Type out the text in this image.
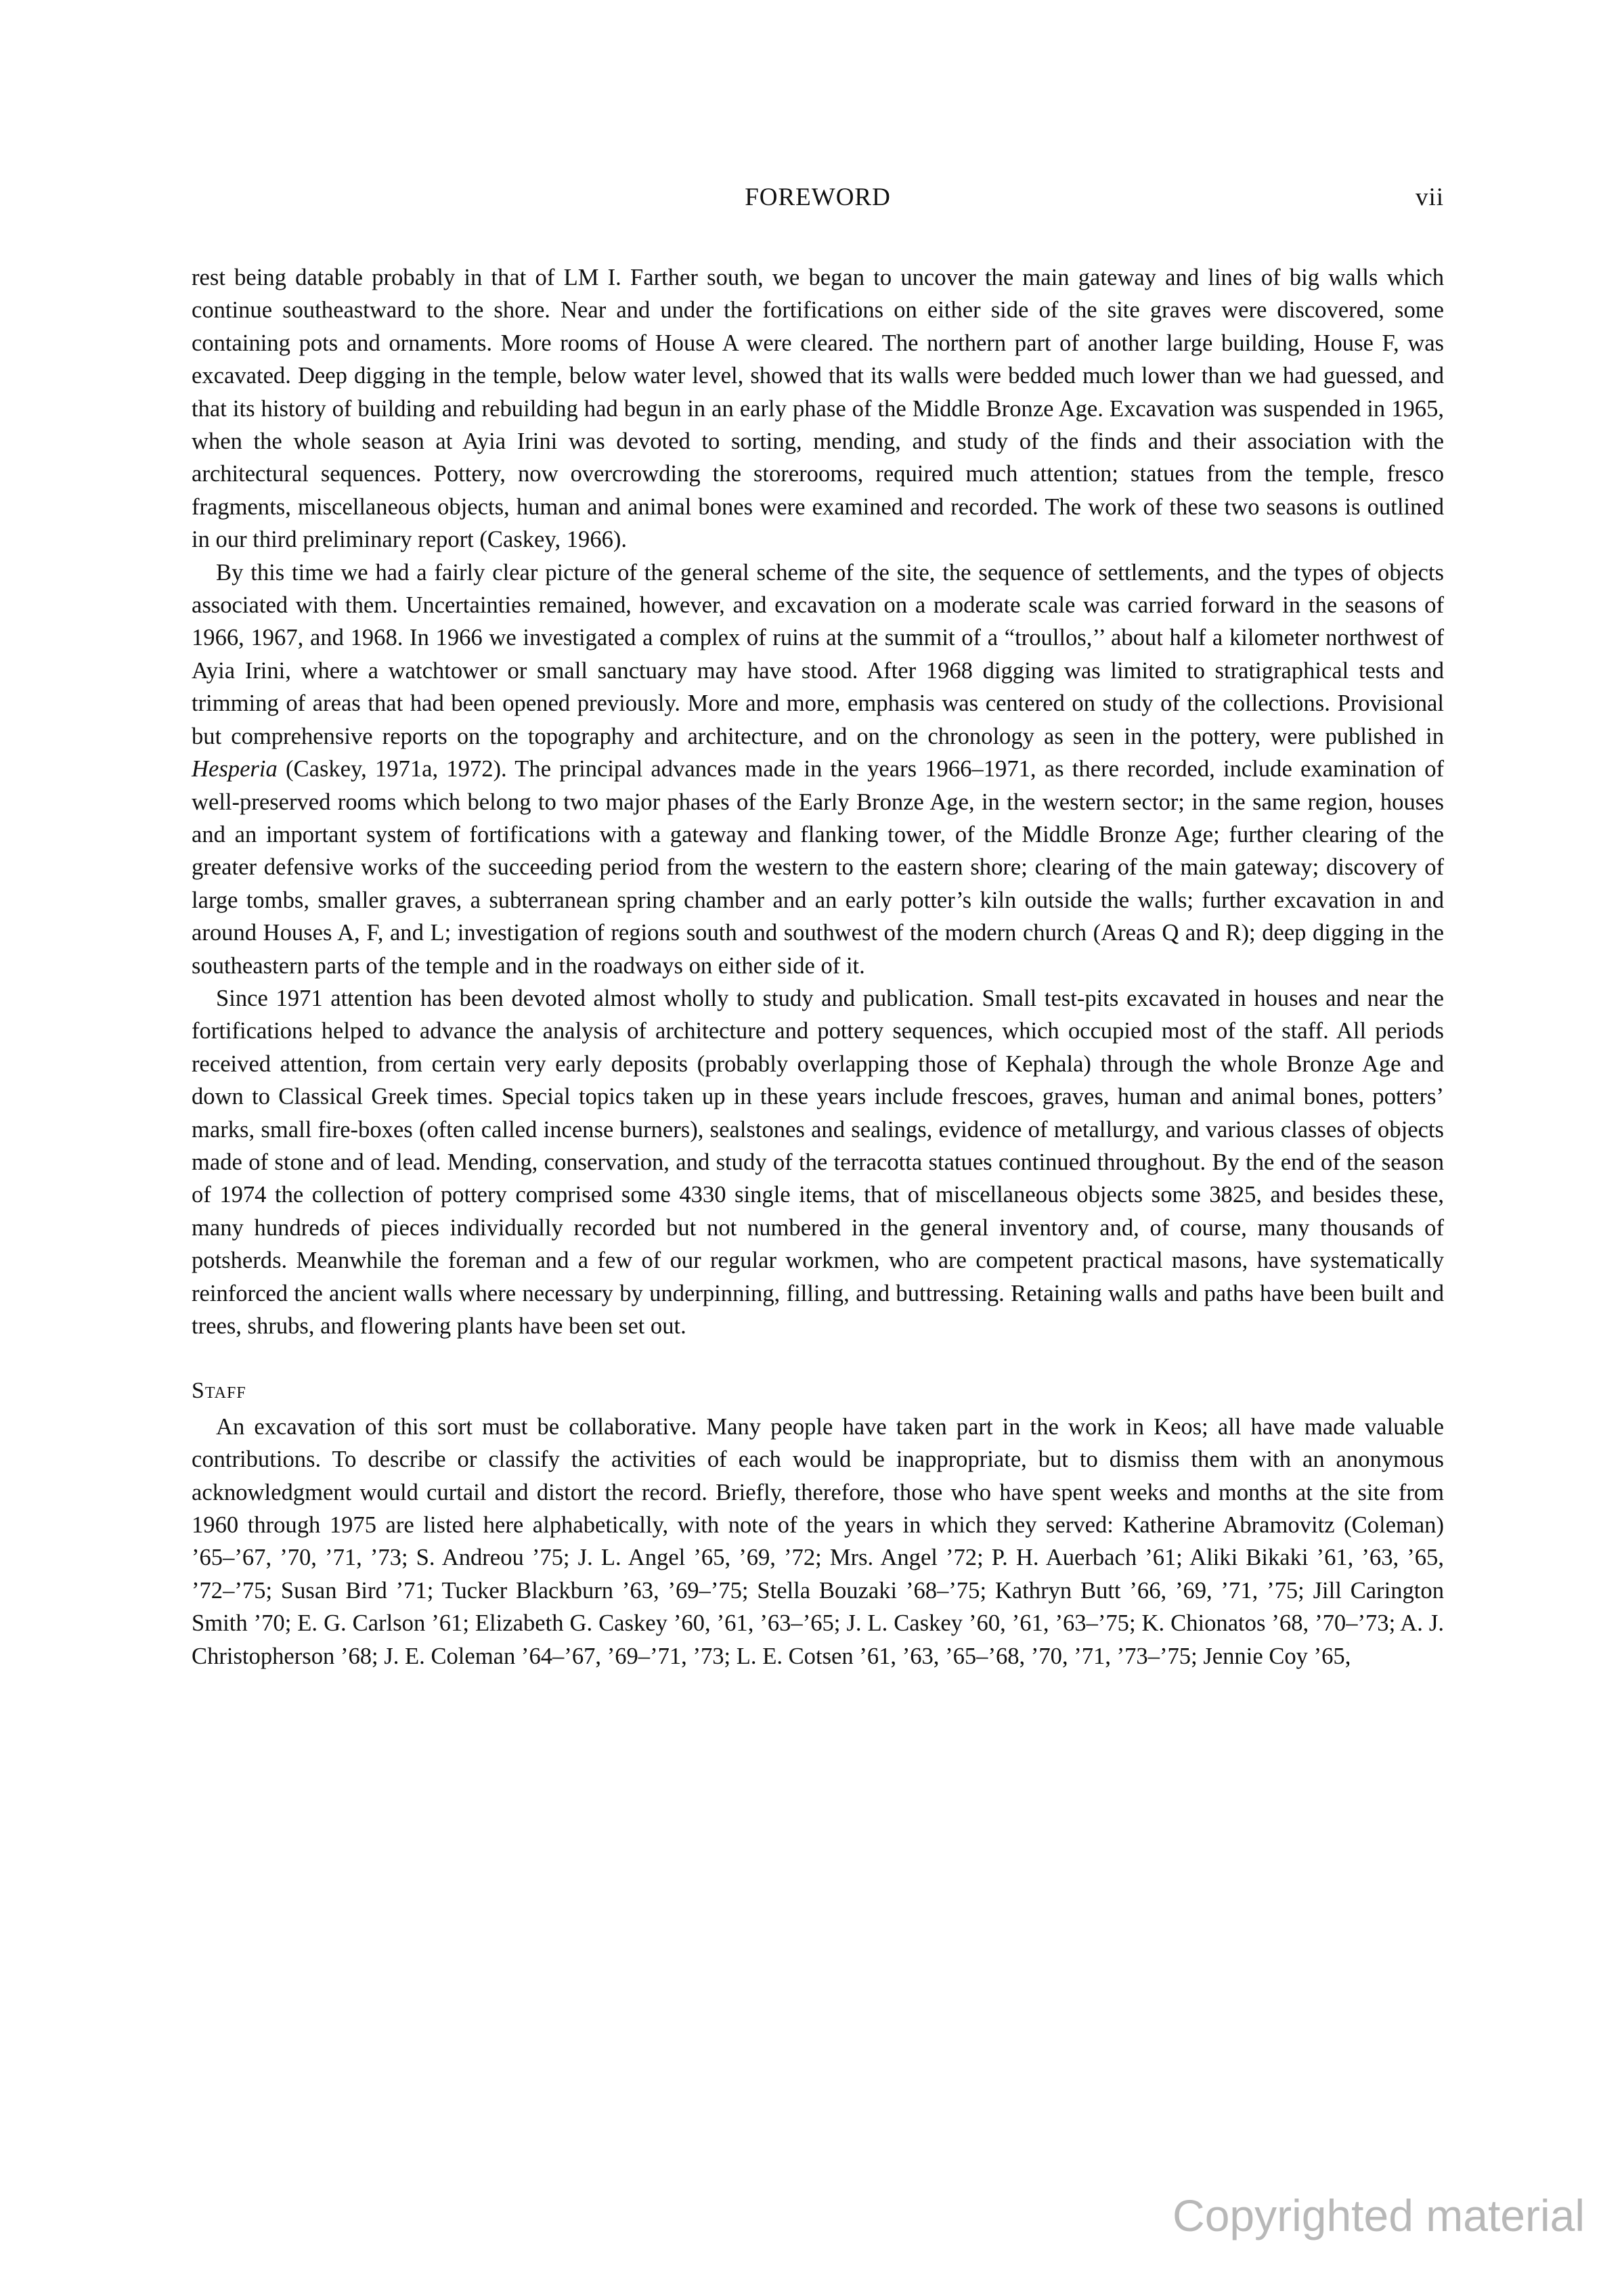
FOREWORD	vii

rest being datable probably in that of LM I. Farther south, we began to uncover the main gateway and lines of big walls which continue southeastward to the shore. Near and under the fortifications on either side of the site graves were discovered, some containing pots and ornaments. More rooms of House A were cleared. The northern part of another large building, House F, was excavated. Deep digging in the temple, below water level, showed that its walls were bedded much lower than we had guessed, and that its history of building and rebuilding had begun in an early phase of the Middle Bronze Age. Excavation was suspended in 1965, when the whole season at Ayia Irini was devoted to sorting, mending, and study of the finds and their association with the architectural sequences. Pottery, now overcrowding the storerooms, required much attention; statues from the temple, fresco fragments, miscellaneous objects, human and animal bones were examined and recorded. The work of these two seasons is outlined in our third preliminary report (Caskey, 1966).

By this time we had a fairly clear picture of the general scheme of the site, the sequence of settlements, and the types of objects associated with them. Uncertainties remained, however, and excavation on a moderate scale was carried forward in the seasons of 1966, 1967, and 1968. In 1966 we investigated a complex of ruins at the summit of a “troullos,’’ about half a kilometer northwest of Ayia Irini, where a watchtower or small sanctuary may have stood. After 1968 digging was limited to stratigraphical tests and trimming of areas that had been opened previously. More and more, emphasis was centered on study of the collections. Provisional but comprehensive reports on the topography and architecture, and on the chronology as seen in the pottery, were published in Hesperia (Caskey, 1971a, 1972). The principal advances made in the years 1966–1971, as there recorded, include examination of well-preserved rooms which belong to two major phases of the Early Bronze Age, in the western sector; in the same region, houses and an important system of fortifications with a gateway and flanking tower, of the Middle Bronze Age; further clearing of the greater defensive works of the succeeding period from the western to the eastern shore; clearing of the main gateway; discovery of large tombs, smaller graves, a subterranean spring chamber and an early potter’s kiln outside the walls; further excavation in and around Houses A, F, and L; investigation of regions south and southwest of the modern church (Areas Q and R); deep digging in the southeastern parts of the temple and in the roadways on either side of it.

Since 1971 attention has been devoted almost wholly to study and publication. Small test-pits excavated in houses and near the fortifications helped to advance the analysis of architecture and pottery sequences, which occupied most of the staff. All periods received attention, from certain very early deposits (probably overlapping those of Kephala) through the whole Bronze Age and down to Classical Greek times. Special topics taken up in these years include frescoes, graves, human and animal bones, potters’ marks, small fire-boxes (often called incense burners), sealstones and sealings, evidence of metallurgy, and various classes of objects made of stone and of lead. Mending, conservation, and study of the terracotta statues continued throughout. By the end of the season of 1974 the collection of pottery comprised some 4330 single items, that of miscellaneous objects some 3825, and besides these, many hundreds of pieces individually recorded but not numbered in the general inventory and, of course, many thousands of potsherds. Meanwhile the foreman and a few of our regular workmen, who are competent practical masons, have systematically reinforced the ancient walls where necessary by underpinning, filling, and buttressing. Retaining walls and paths have been built and trees, shrubs, and flowering plants have been set out.

Staff

An excavation of this sort must be collaborative. Many people have taken part in the work in Keos; all have made valuable contributions. To describe or classify the activities of each would be inappropriate, but to dismiss them with an anonymous acknowledgment would curtail and distort the record. Briefly, therefore, those who have spent weeks and months at the site from 1960 through 1975 are listed here alphabetically, with note of the years in which they served: Katherine Abramovitz (Coleman) ’65–’67, ’70, ’71, ’73; S. Andreou ’75; J. L. Angel ’65, ’69, ’72; Mrs. Angel ’72; P. H. Auerbach ’61; Aliki Bikaki ’61, ’63, ’65, ’72–’75; Susan Bird ’71; Tucker Blackburn ’63, ’69–’75; Stella Bouzaki ’68–’75; Kathryn Butt ’66, ’69, ’71, ’75; Jill Carington Smith ’70; E. G. Carlson ’61; Elizabeth G. Caskey ’60, ’61, ’63–’65; J. L. Caskey ’60, ’61, ’63–’75; K. Chionatos ’68, ’70–’73; A. J. Christopherson ’68; J. E. Coleman ’64–’67, ’69–’71, ’73; L. E. Cotsen ’61, ’63, ’65–’68, ’70, ’71, ’73–’75; Jennie Coy ’65,

Copyrighted material
